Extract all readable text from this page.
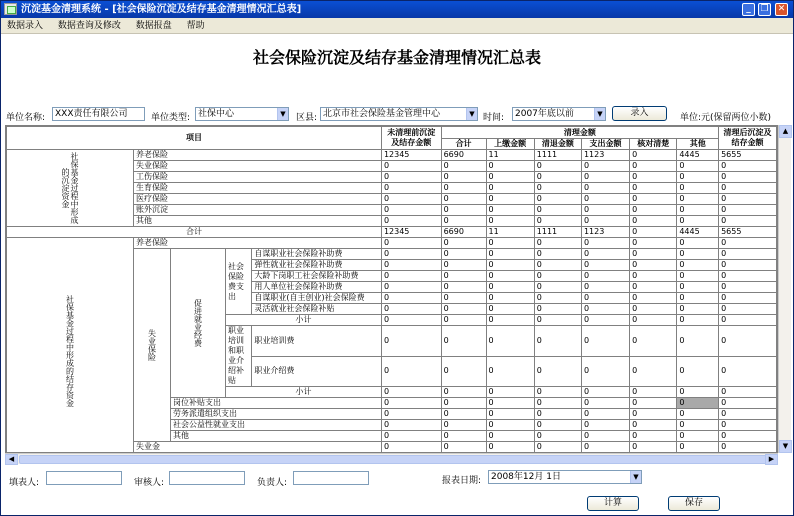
沉淀基金清理系统 - [社会保险沉淀及结存基金清理情况汇总表]	_	❐	✕
数据录入 数据查询及修改 数据报盘 帮助
社会保险沉淀及结存基金清理情况汇总表
单位名称:	XXX责任有限公司	单位类型: 社保中心	▼ 区县: 北京市社会保险基金管理中心	▼ 时间:	2007年底以前	▼	录入	单位:元(保留两位小数)
项目					未清理前沉淀及结存金额	清理金额						清理后沉淀及结存金额
						合计	上缴金额	清退金额	支出金额	核对清楚	其他	
社保基金过程中形成的沉淀资金	养老保险				12345	6690	11	1111	1123	0	4445	5655
	失业保险				0	0	0	0	0	0	0	0
	工伤保险				0	0	0	0	0	0	0	0
	生育保险				0	0	0	0	0	0	0	0
	医疗保险				0	0	0	0	0	0	0	0
	账外沉淀				0	0	0	0	0	0	0	0
	其他				0	0	0	0	0	0	0	0
合计					12345	6690	11	1111	1123	0	4445	5655
社保基金过程中形成的结存资金	养老保险				0	0	0	0	0	0	0	0
	失业保险	促进就业经费	社会保险费支出	自谋职业社会保险补助费	0	0	0	0	0	0	0	0
				弹性就业社会保险补助费	0	0	0	0	0	0	0	0
				大龄下岗职工社会保险补助费	0	0	0	0	0	0	0	0
				用人单位社会保险补助费	0	0	0	0	0	0	0	0
				自谋职业(自主创业)社会保险费	0	0	0	0	0	0	0	0
				灵活就业社会保险补贴	0	0	0	0	0	0	0	0
			小计		0	0	0	0	0	0	0	0
			职业培训和职业介绍补贴	职业培训费	0	0	0	0	0	0	0	0
				职业介绍费	0	0	0	0	0	0	0	0
			小计		0	0	0	0	0	0	0	0
		岗位补贴支出			0	0	0	0	0	0	0	0
		劳务派遣组织支出			0	0	0	0	0	0	0	0
		社会公益性就业支出			0	0	0	0	0	0	0	0
		其他			0	0	0	0	0	0	0	0
	失业金				0	0	0	0	0	0	0	0

▲
▼
◀	▶
填表人:	审核人:	负责人:	报表日期:	2008年12月 1日	▼
计算	保存
